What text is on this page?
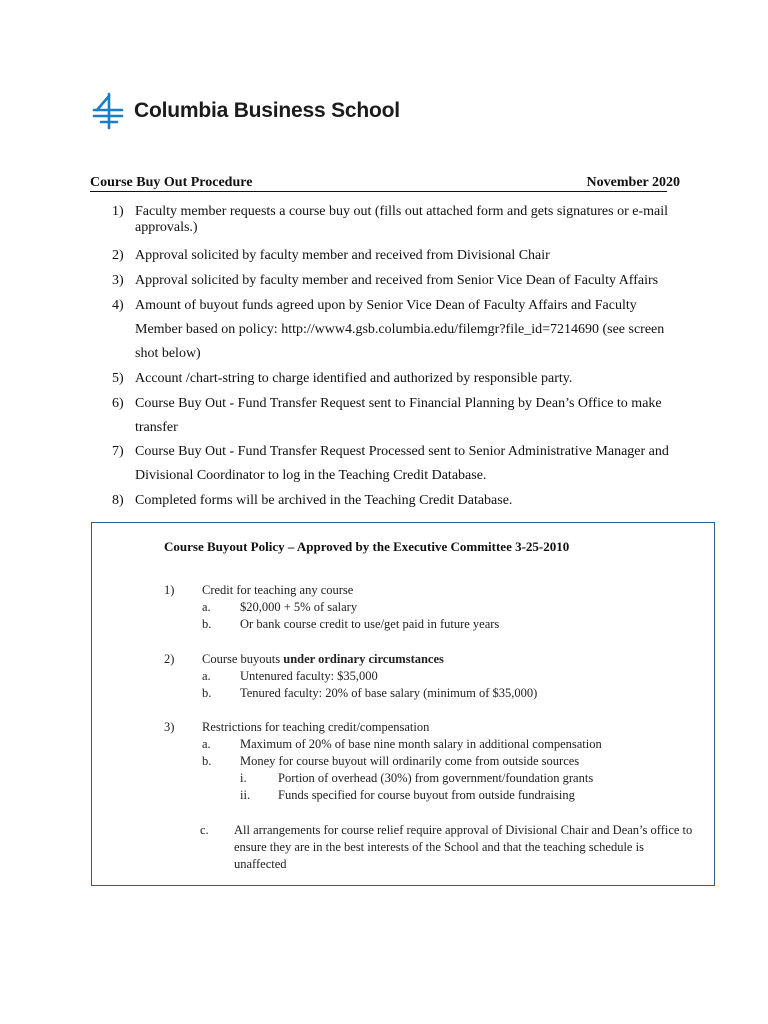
Columbia Business School
Course Buy Out Procedure	November 2020
1) Faculty member requests a course buy out (fills out attached form and gets signatures or e-mail approvals.)
2) Approval solicited by faculty member and received from Divisional Chair
3) Approval solicited by faculty member and received from Senior Vice Dean of Faculty Affairs
4) Amount of buyout funds agreed upon by Senior Vice Dean of Faculty Affairs and Faculty Member based on policy: http://www4.gsb.columbia.edu/filemgr?file_id=7214690 (see screen shot below)
5) Account /chart-string to charge identified and authorized by responsible party.
6) Course Buy Out - Fund Transfer Request sent to Financial Planning by Dean’s Office to make transfer
7) Course Buy Out - Fund Transfer Request Processed sent to Senior Administrative Manager and Divisional Coordinator to log in the Teaching Credit Database.
8) Completed forms will be archived in the Teaching Credit Database.
Course Buyout Policy – Approved by the Executive Committee 3-25-2010
1) Credit for teaching any course
a. $20,000 + 5% of salary
b. Or bank course credit to use/get paid in future years
2) Course buyouts under ordinary circumstances
a. Untenured faculty: $35,000
b. Tenured faculty: 20% of base salary (minimum of $35,000)
3) Restrictions for teaching credit/compensation
a. Maximum of 20% of base nine month salary in additional compensation
b. Money for course buyout will ordinarily come from outside sources
i.	Portion of overhead (30%) from government/foundation grants
ii. Funds specified for course buyout from outside fundraising
c. All arrangements for course relief require approval of Divisional Chair and Dean’s office to
ensure they are in the best interests of the School and that the teaching schedule is
unaffected
